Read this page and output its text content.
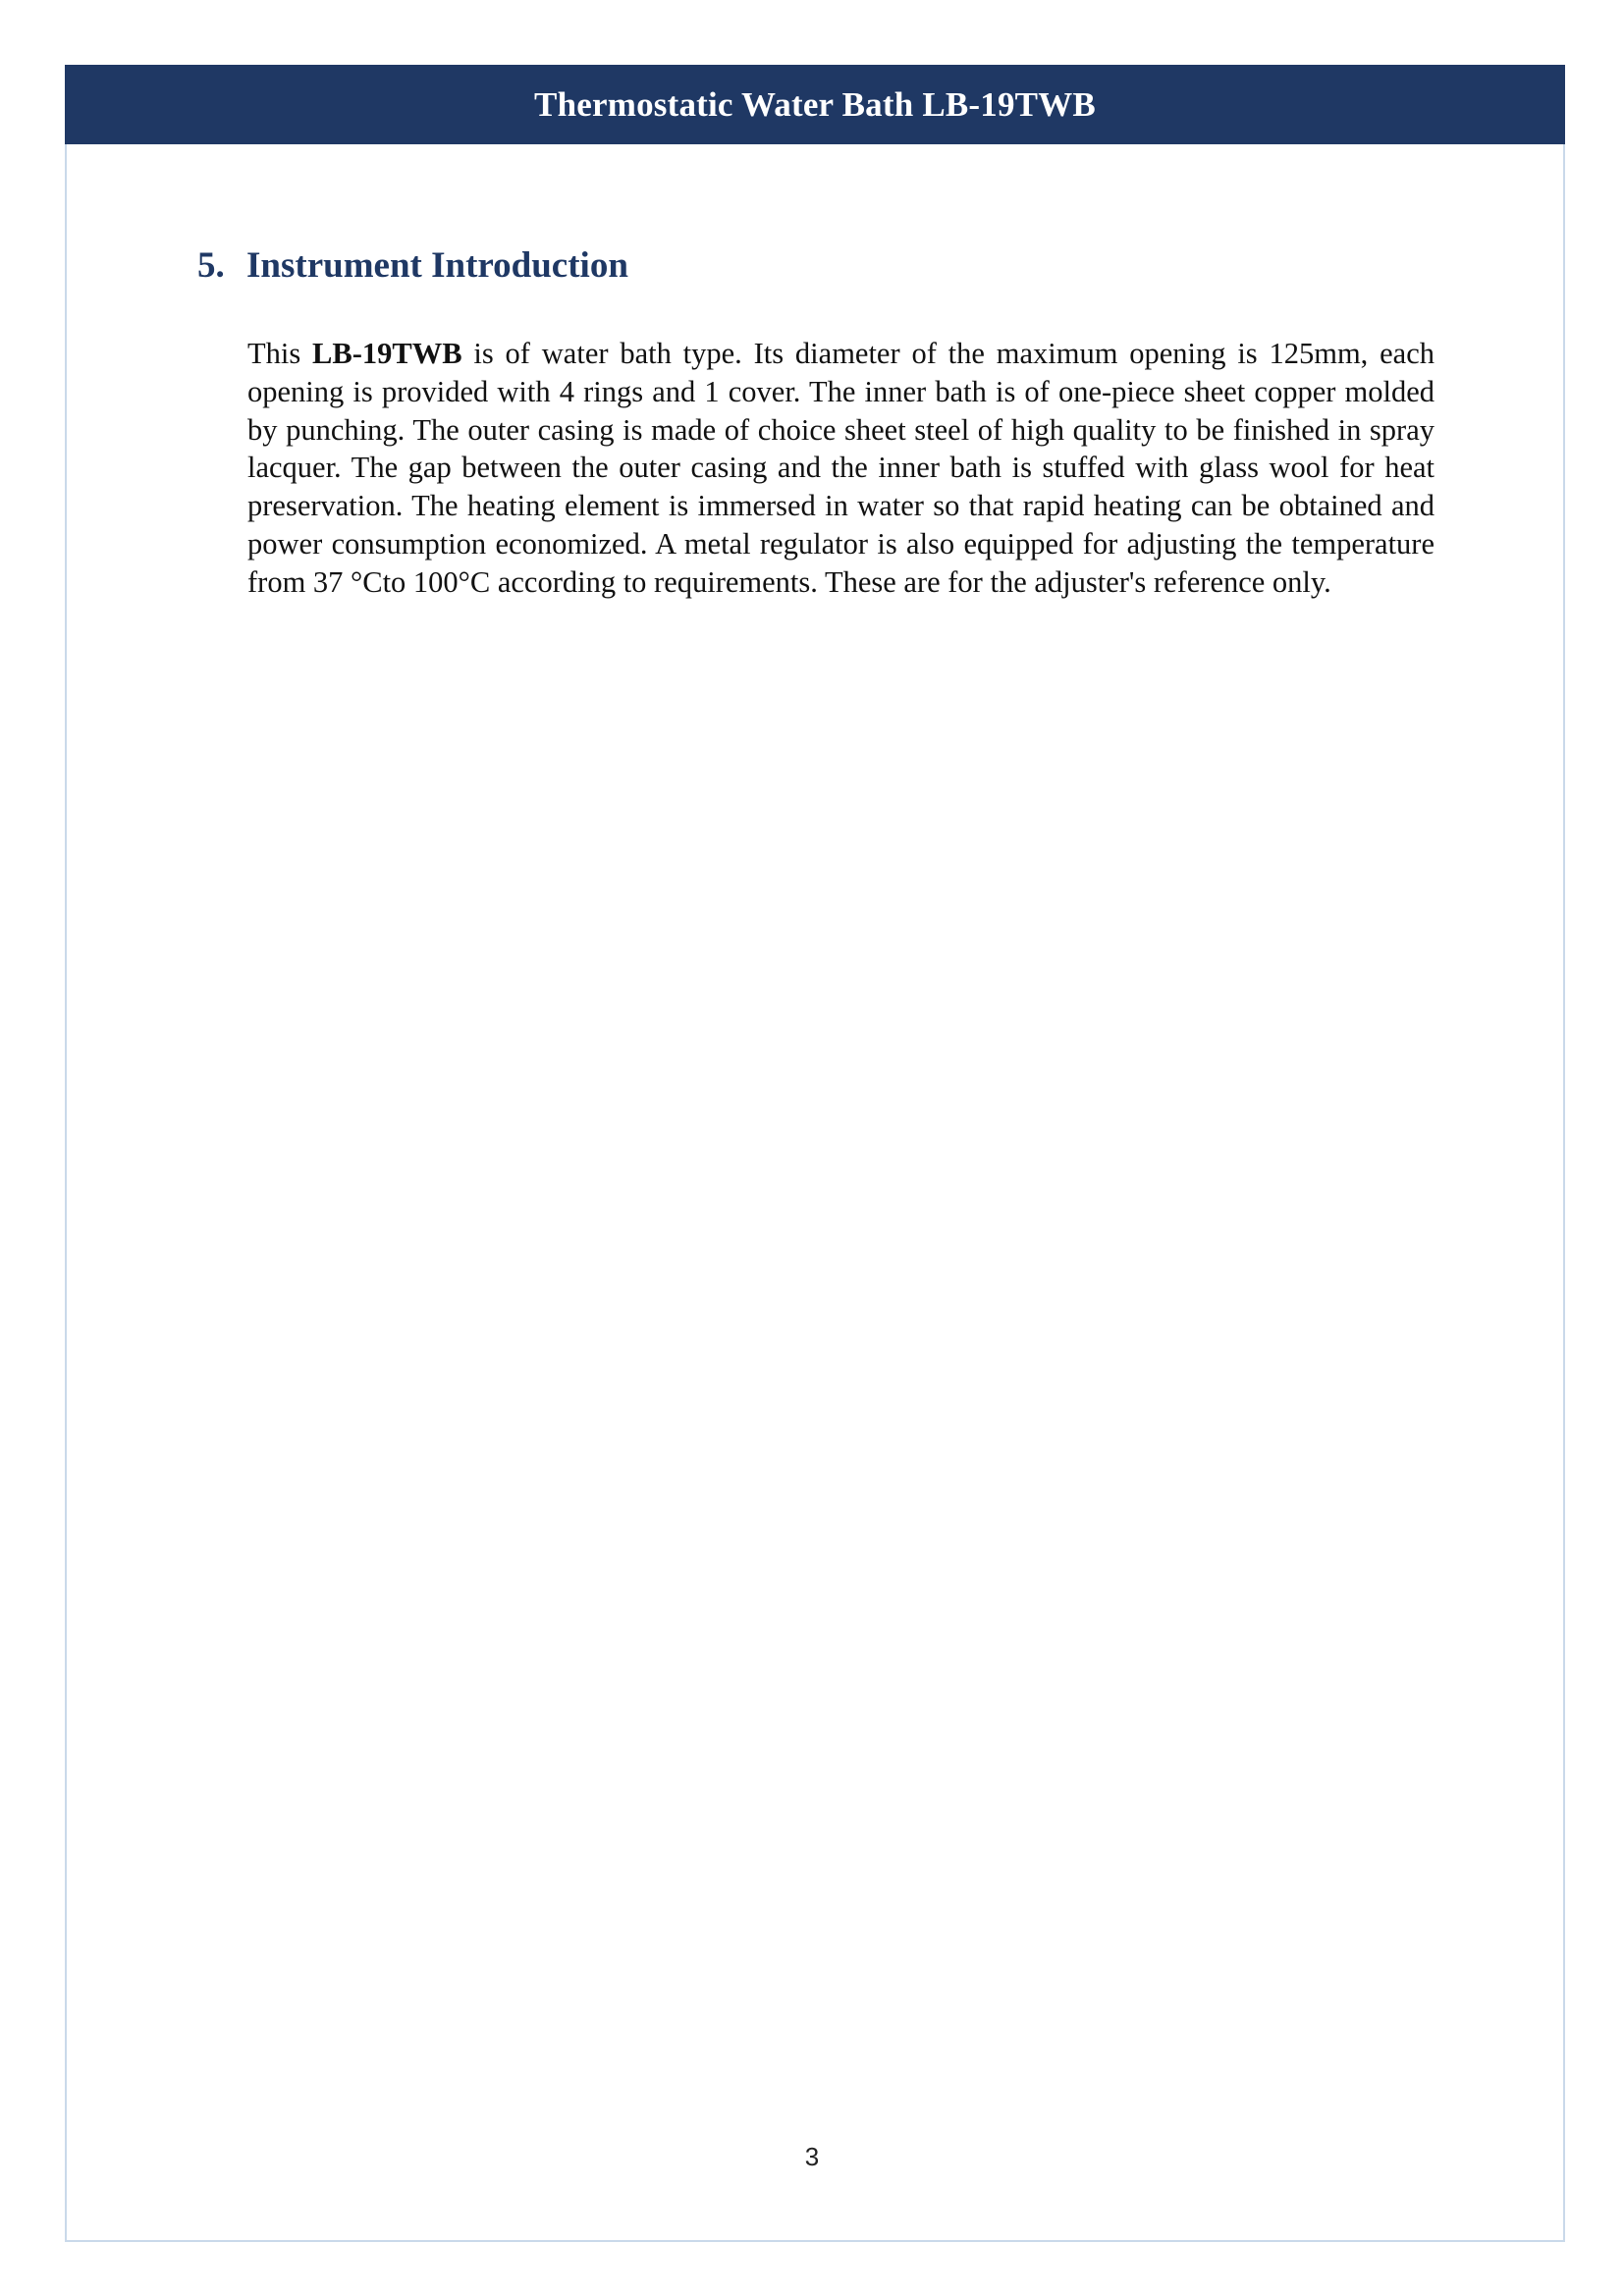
Thermostatic Water Bath LB-19TWB
5. Instrument Introduction

This LB-19TWB is of water bath type. Its diameter of the maximum opening is 125mm, each opening is provided with 4 rings and 1 cover. The inner bath is of one-piece sheet copper molded by punching. The outer casing is made of choice sheet steel of high quality to be finished in spray lacquer. The gap between the outer casing and the inner bath is stuffed with glass wool for heat preservation. The heating element is immersed in water so that rapid heating can be obtained and power consumption economized. A metal regulator is also equipped for adjusting the temperature from 37 °Cto 100°C according to requirements. These are for the adjuster's reference only.

3
